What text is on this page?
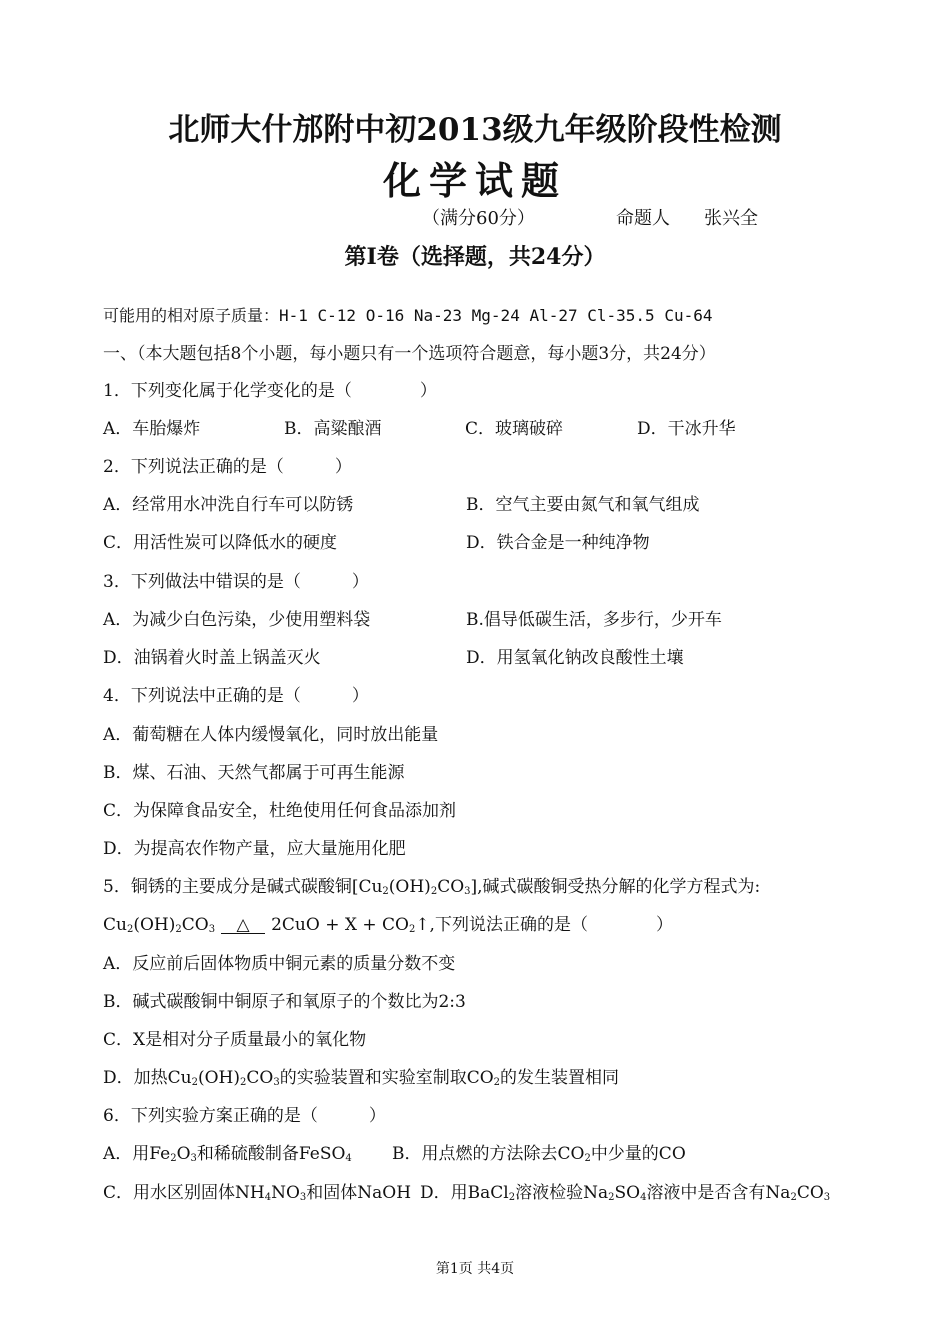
北师大什邡附中初2013级九年级阶段性检测
化学试题
（满分60分）	命题人 张兴全
第Ⅰ卷（选择题，共24分）
可能用的相对原子质量：H-1 C-12 O-16 Na-23 Mg-24 Al-27 Cl-35.5 Cu-64
一、（本大题包括8个小题，每小题只有一个选项符合题意，每小题3分，共24分）
1．下列变化属于化学变化的是（　　　　）
A．车胎爆炸	B．高粱酿酒	C．玻璃破碎	D．干冰升华
2．下列说法正确的是（　　　）
A．经常用水冲洗自行车可以防锈	B．空气主要由氮气和氧气组成
C．用活性炭可以降低水的硬度	D．铁合金是一种纯净物
3．下列做法中错误的是（　　　）
A．为减少白色污染，少使用塑料袋	B.倡导低碳生活，多步行，少开车
D．油锅着火时盖上锅盖灭火	D．用氢氧化钠改良酸性土壤
4．下列说法中正确的是（　　　）
A．葡萄糖在人体内缓慢氧化，同时放出能量
B．煤、石油、天然气都属于可再生能源
C．为保障食品安全，杜绝使用任何食品添加剂
D．为提高农作物产量，应大量施用化肥
5．铜锈的主要成分是碱式碳酸铜$[Cu_2(OH)_2CO_3]$,碱式碳酸铜受热分解的化学方程式为:
$Cu_2(OH)_2CO_3$ △ $2CuO + X + CO_2↑$,下列说法正确的是（　　　　）
A．反应前后固体物质中铜元素的质量分数不变
B．碱式碳酸铜中铜原子和氧原子的个数比为2:3
C．X是相对分子质量最小的氧化物
D．加热$Cu_2(OH)_2CO_3$的实验装置和实验室制取$CO_2$的发生装置相同
6．下列实验方案正确的是（　　　）
A．用$Fe_2O_3$和稀硫酸制备FeSO$_4$ B．用点燃的方法除去$CO_2$中少量的CO
C．用水区别固体$NH_4NO_3$和固体NaOH D．用BaCl$_2$溶液检验$Na_2SO_4$溶液中是否含有$Na_2CO_3$
第1页 共4页
